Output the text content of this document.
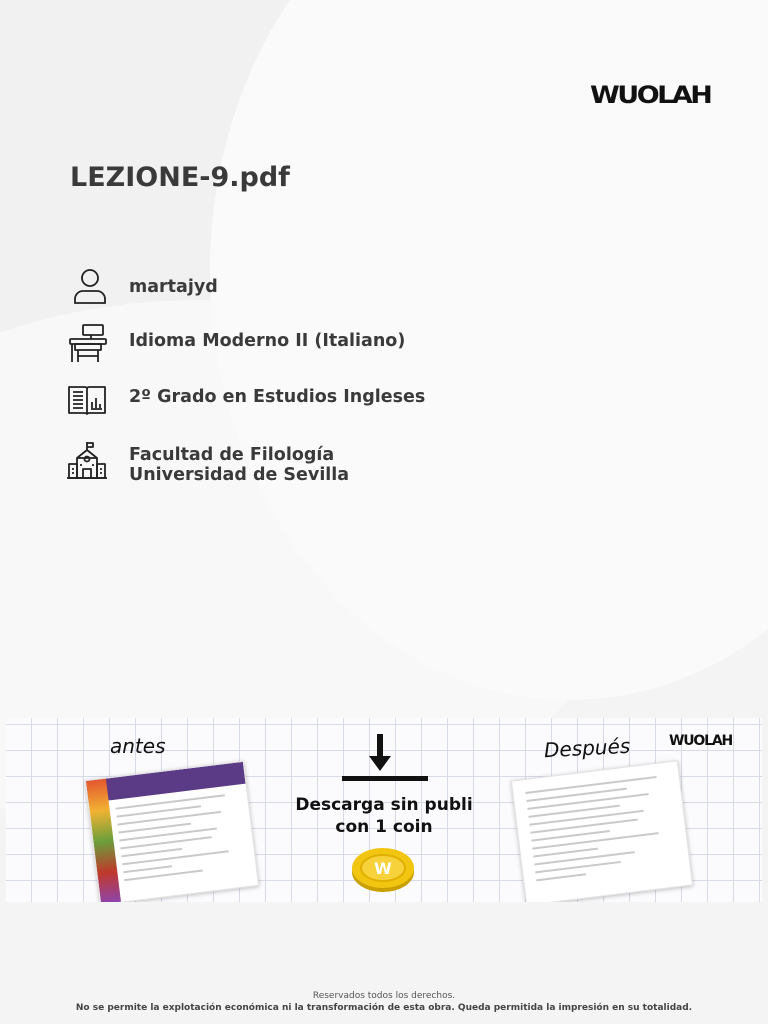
WUOLAH
LEZIONE-9.pdf
martajyd
Idioma Moderno II (Italiano)
2º Grado en Estudios Ingleses
Facultad de Filología
Universidad de Sevilla
antes	Después	WUOLAH
Descarga sin publi
con 1 coin
W
Reservados todos los derechos.
No se permite la explotación económica ni la transformación de esta obra. Queda permitida la impresión en su totalidad.
